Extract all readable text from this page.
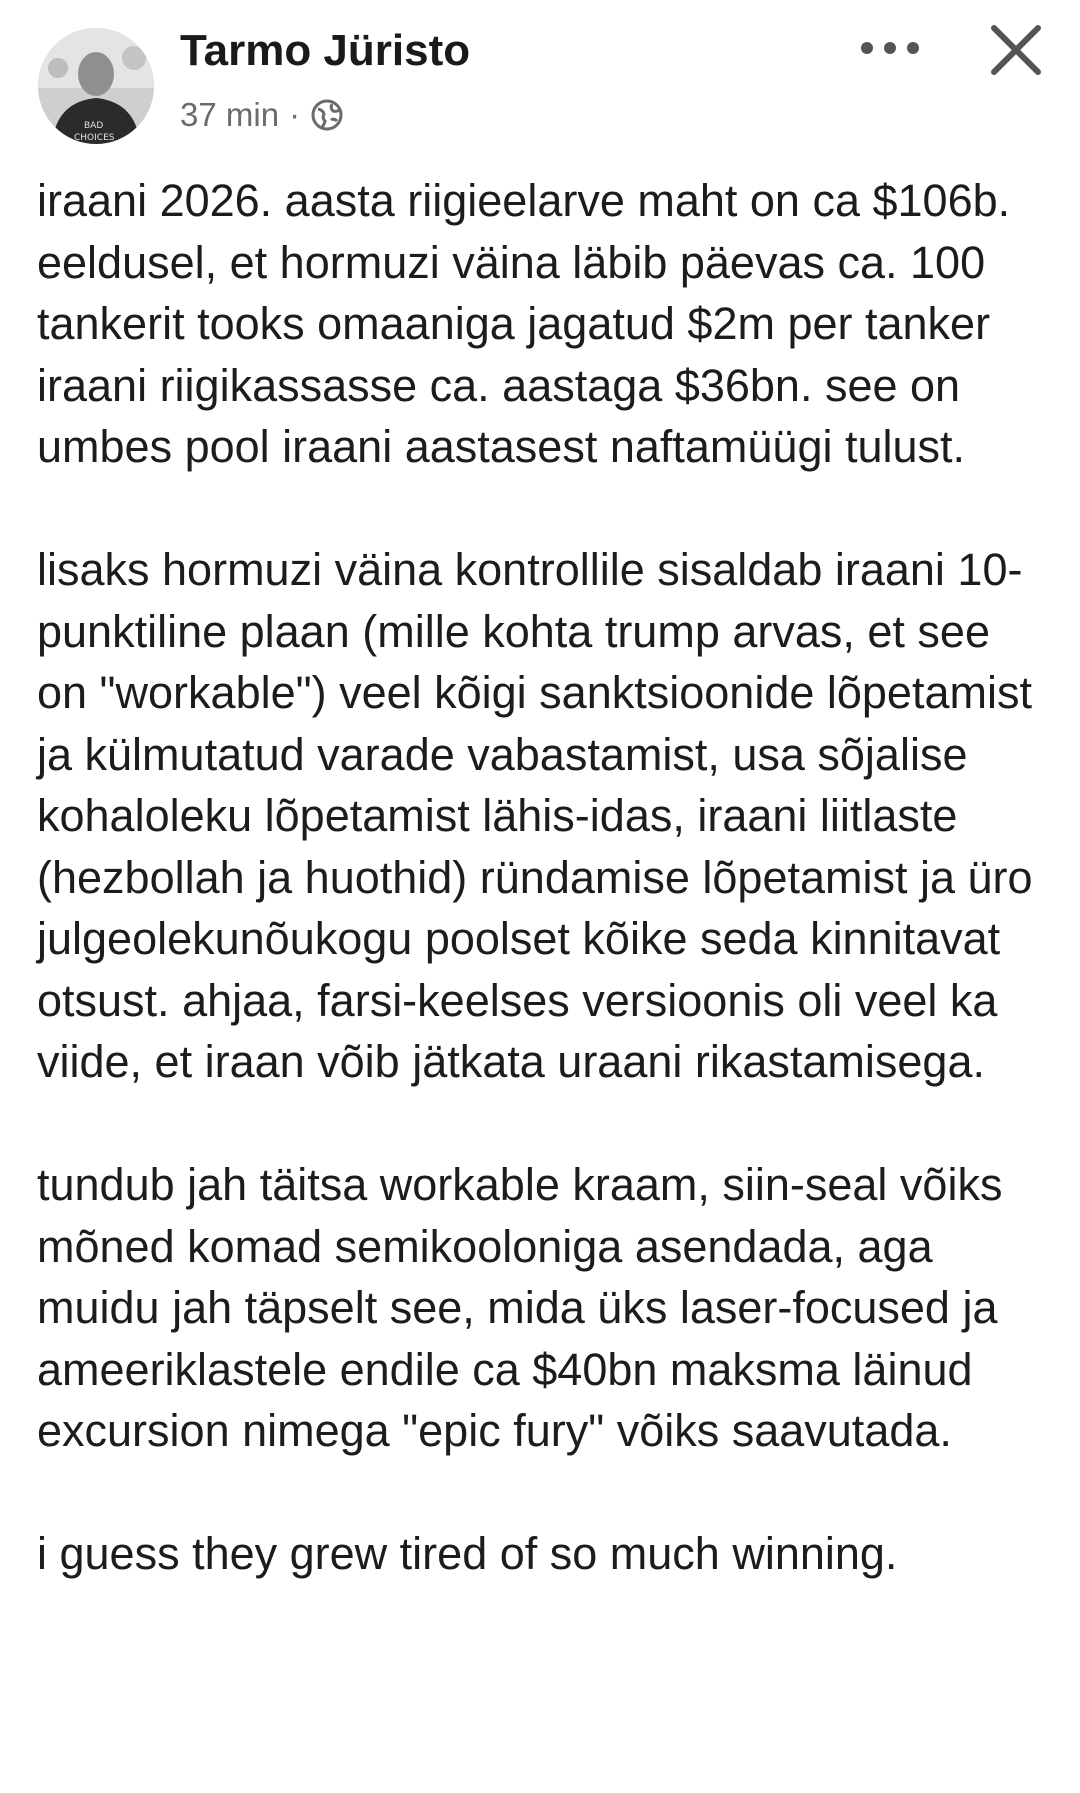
BAD
CHOICES
Tarmo Jüristo
37 min ·

iraani 2026. aasta riigieelarve maht on ca $106b. eeldusel, et hormuzi väina läbib päevas ca. 100 tankerit tooks omaaniga jagatud $2m per tanker iraani riigikassasse ca. aastaga $36bn. see on umbes pool iraani aastasest naftamüügi tulust.

lisaks hormuzi väina kontrollile sisaldab iraani 10-punktiline plaan (mille kohta trump arvas, et see on "workable") veel kõigi sanktsioonide lõpetamist ja külmutatud varade vabastamist, usa sõjalise kohaloleku lõpetamist lähis-idas, iraani liitlaste (hezbollah ja huothid) ründamise lõpetamist ja üro julgeolekunõukogu poolset kõike seda kinnitavat otsust. ahjaa, farsi-keelses versioonis oli veel ka viide, et iraan võib jätkata uraani rikastamisega.

tundub jah täitsa workable kraam, siin-seal võiks mõned komad semikooloniga asendada, aga muidu jah täpselt see, mida üks laser-focused ja ameeriklastele endile ca $40bn maksma läinud excursion nimega "epic fury" võiks saavutada.

i guess they grew tired of so much winning.
